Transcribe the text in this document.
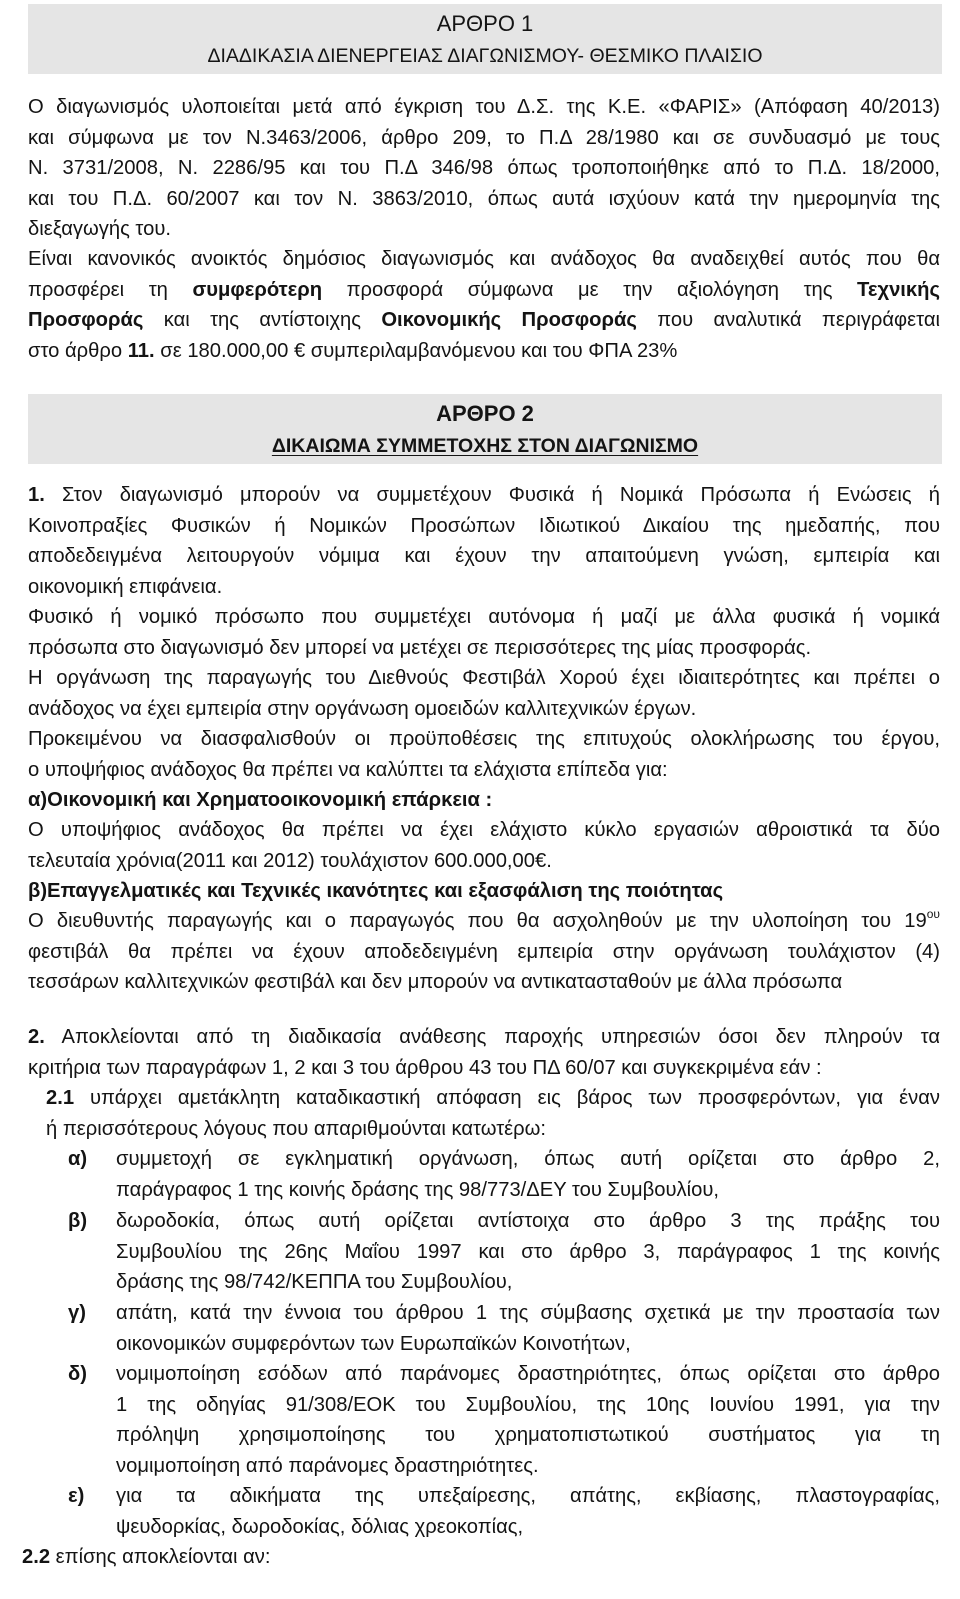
ΑΡΘΡΟ 1
ΔΙΑΔΙΚΑΣΙΑ ΔΙΕΝΕΡΓΕΙΑΣ ΔΙΑΓΩΝΙΣΜΟΥ- ΘΕΣΜΙΚΟ ΠΛΑΙΣΙΟ
Ο διαγωνισμός υλοποιείται μετά από έγκριση του Δ.Σ. της Κ.Ε. «ΦΑΡΙΣ» (Απόφαση 40/2013)
και σύμφωνα με τον Ν.3463/2006, άρθρο 209, το Π.Δ 28/1980 και σε συνδυασμό με τους
Ν. 3731/2008, Ν. 2286/95 και του Π.Δ 346/98 όπως τροποποιήθηκε από το Π.Δ. 18/2000,
και του Π.Δ. 60/2007 και τον Ν. 3863/2010, όπως αυτά ισχύουν κατά την ημερομηνία της
διεξαγωγής του.
Είναι κανονικός ανοικτός δημόσιος διαγωνισμός και ανάδοχος θα αναδειχθεί αυτός που θα
προσφέρει τη συμφερότερη προσφορά σύμφωνα με την αξιολόγηση της Τεχνικής
Προσφοράς και της αντίστοιχης Οικονομικής Προσφοράς που αναλυτικά περιγράφεται
στο άρθρο 11. σε 180.000,00 € συμπεριλαμβανόμενου και του ΦΠΑ 23%
ΑΡΘΡΟ 2
ΔΙΚΑΙΩΜΑ ΣΥΜΜΕΤΟΧΗΣ ΣΤΟΝ ΔΙΑΓΩΝΙΣΜΟ
1. Στον διαγωνισμό μπορούν να συμμετέχουν Φυσικά ή Νομικά Πρόσωπα ή Ενώσεις ή
Κοινοπραξίες Φυσικών ή Νομικών Προσώπων Ιδιωτικού Δικαίου της ημεδαπής, που
αποδεδειγμένα λειτουργούν νόμιμα και έχουν την απαιτούμενη γνώση, εμπειρία και
οικονομική επιφάνεια.
Φυσικό ή νομικό πρόσωπο που συμμετέχει αυτόνομα ή μαζί με άλλα φυσικά ή νομικά
πρόσωπα στο διαγωνισμό δεν μπορεί να μετέχει σε περισσότερες της μίας προσφοράς.
Η οργάνωση της παραγωγής του Διεθνούς Φεστιβάλ Χορού έχει ιδιαιτερότητες και πρέπει ο
ανάδοχος να έχει εμπειρία στην οργάνωση ομοειδών καλλιτεχνικών έργων.
Προκειμένου να διασφαλισθούν οι προϋποθέσεις της επιτυχούς ολοκλήρωσης του έργου,
ο υποψήφιος ανάδοχος θα πρέπει να καλύπτει τα ελάχιστα επίπεδα για:
α)Οικονομική και Χρηματοοικονομική επάρκεια :
Ο υποψήφιος ανάδοχος θα πρέπει να έχει ελάχιστο κύκλο εργασιών αθροιστικά τα δύο
τελευταία χρόνια(2011 και 2012) τουλάχιστον 600.000,00€.
β)Επαγγελματικές και Τεχνικές ικανότητες και εξασφάλιση της ποιότητας
Ο διευθυντής παραγωγής και ο παραγωγός που θα ασχοληθούν με την υλοποίηση του $19^{o\upsilon}$
φεστιβάλ θα πρέπει να έχουν αποδεδειγμένη εμπειρία στην οργάνωση τουλάχιστον (4)
τεσσάρων καλλιτεχνικών φεστιβάλ και δεν μπορούν να αντικατασταθούν με άλλα πρόσωπα
2. Αποκλείονται από τη διαδικασία ανάθεσης παροχής υπηρεσιών όσοι δεν πληρούν τα
κριτήρια των παραγράφων 1, 2 και 3 του άρθρου 43 του ΠΔ 60/07 και συγκεκριμένα εάν :
2.1 υπάρχει αμετάκλητη καταδικαστική απόφαση εις βάρος των προσφερόντων, για έναν
ή περισσότερους λόγους που απαριθμούνται κατωτέρω:
α) συμμετοχή σε εγκληματική οργάνωση, όπως αυτή ορίζεται στο άρθρο 2,
παράγραφος 1 της κοινής δράσης της 98/773/ΔΕΥ του Συμβουλίου,
β) δωροδοκία, όπως αυτή ορίζεται αντίστοιχα στο άρθρο 3 της πράξης του
Συμβουλίου της 26ης Μαΐου 1997 και στο άρθρο 3, παράγραφος 1 της κοινής
δράσης της 98/742/ΚΕΠΠΑ του Συμβουλίου,
γ) απάτη, κατά την έννοια του άρθρου 1 της σύμβασης σχετικά με την προστασία των
οικονομικών συμφερόντων των Ευρωπαϊκών Κοινοτήτων,
δ) νομιμοποίηση εσόδων από παράνομες δραστηριότητες, όπως ορίζεται στο άρθρο
1 της οδηγίας 91/308/ΕΟΚ του Συμβουλίου, της 10ης Ιουνίου 1991, για την
πρόληψη χρησιμοποίησης του χρηματοπιστωτικού συστήματος για τη
νομιμοποίηση από παράνομες δραστηριότητες.
ε) για τα αδικήματα της υπεξαίρεσης, απάτης, εκβίασης, πλαστογραφίας,
ψευδορκίας, δωροδοκίας, δόλιας χρεοκοπίας,
2.2 επίσης αποκλείονται αν:
